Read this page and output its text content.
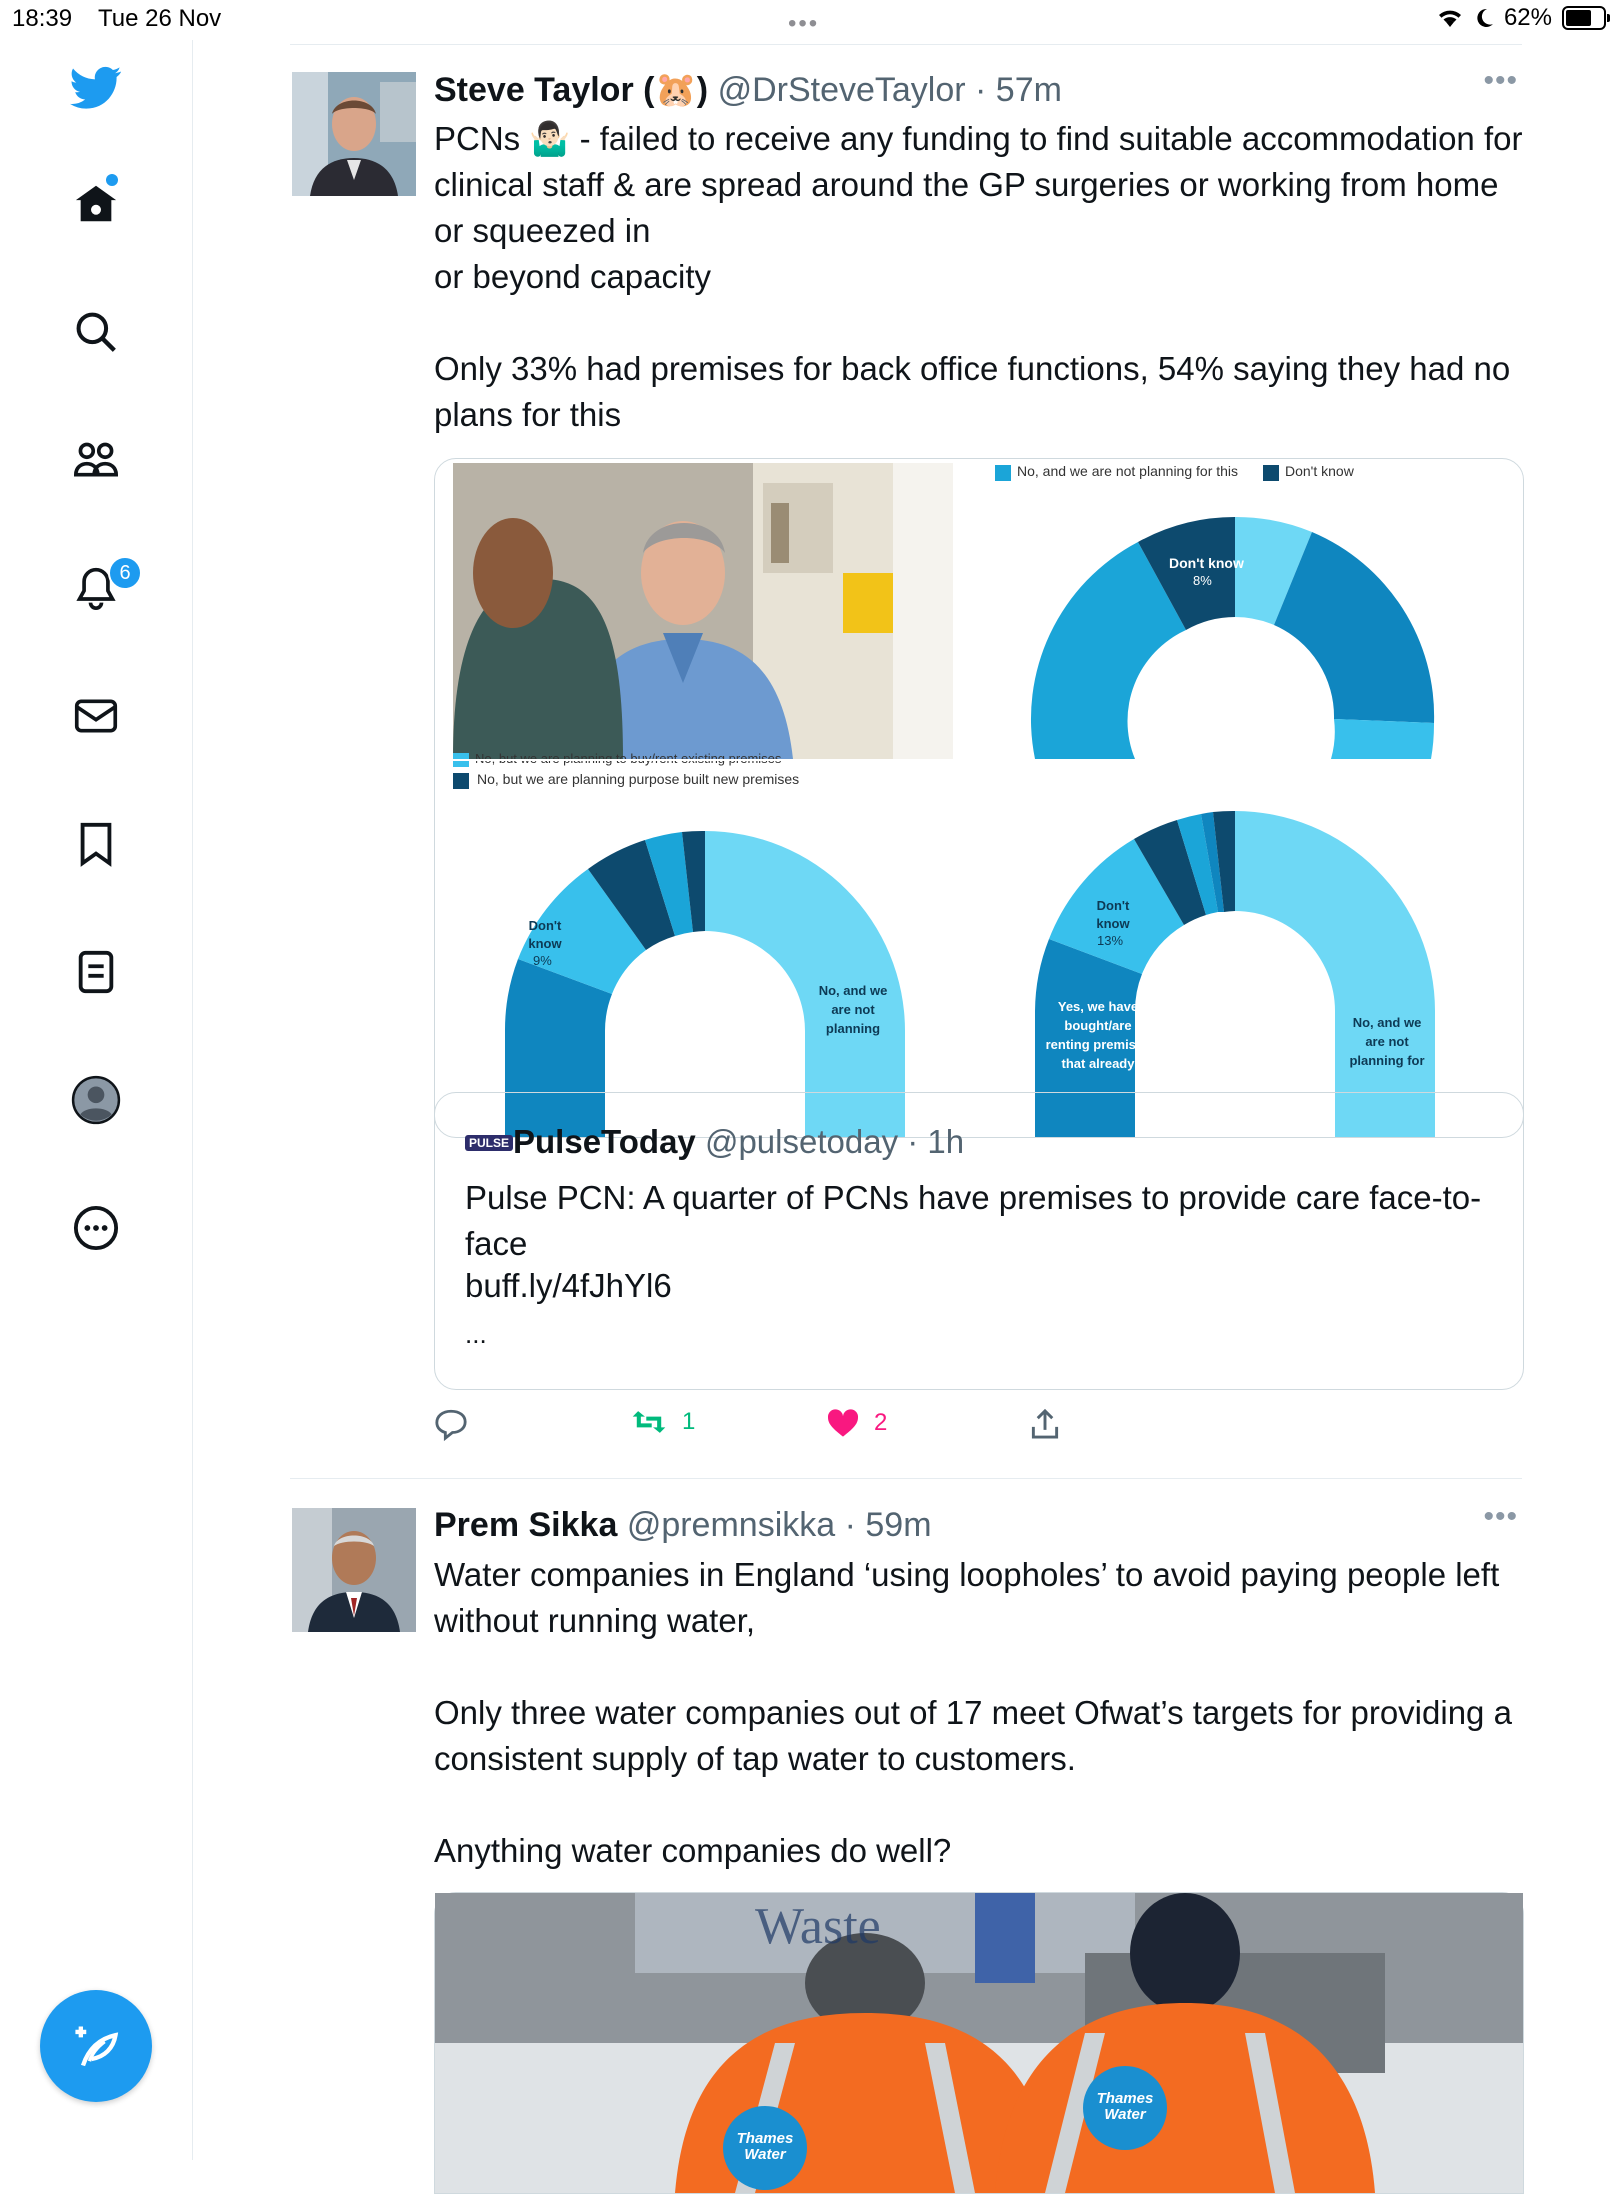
18:39 Tue 26 Nov	•••	62%
6
Steve Taylor (🐹) @DrSteveTaylor · 57m	•••
PCNs 🤷🏻‍♂️ - failed to receive any funding to find suitable accommodation for clinical staff & are spread around the GP surgeries or working from home or squeezed in
or beyond capacity

Only 33% had premises for back office functions, 54% saying they had no plans for this
No, and we are not planning for this	Don't know
Don't know
8%
No, but we are planning purpose built new premises
Don't know
9%
No, and we are not planning
Don't know
13%
Yes, we have bought/are renting premises that already
No, and we are not planning for
PULSE PulseToday @pulsetoday · 1h
Pulse PCN: A quarter of PCNs have premises to provide care face-to-face
buff.ly/4fJhYl6
...
1	2
Prem Sikka @premnsikka · 59m	•••
Water companies in England ‘using loopholes’ to avoid paying people left without running water,

Only three water companies out of 17 meet Ofwat’s targets for providing a consistent supply of tap water to customers.

Anything water companies do well?
Waste
Thames Water
Thames Water
